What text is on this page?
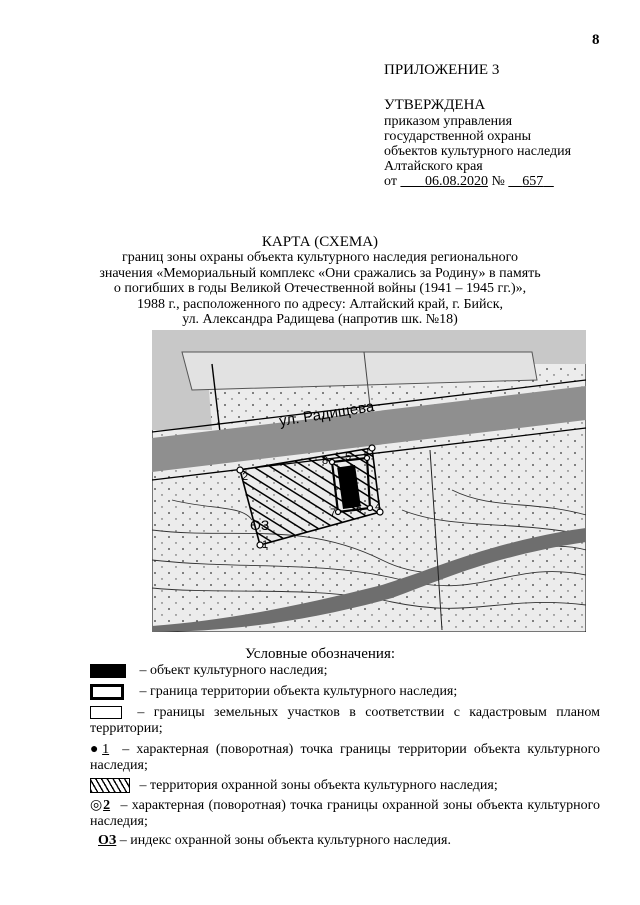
8
ПРИЛОЖЕНИЕ 3
УТВЕРЖДЕНА
приказом управления
государственной охраны
объектов культурного наследия
Алтайского края
от 06.08.2020 № 657
КАРТА (СХЕМА)
границ зоны охраны объекта культурного наследия регионального
значения «Мемориальный комплекс «Они сражались за Родину» в память
о погибших в годы Великой Отечественной войны (1941 – 1945 гг.)»,
1988 г., расположенного по адресу: Алтайский край, г. Бийск,
ул. Александра Радищева (напротив шк. №18)
ОЗ
ул. Радищева
1
2
3
4
5
6
7
8
Условные обозначения:
– объект культурного наследия;
– граница территории объекта культурного наследия;
– границы земельных участков в соответствии с кадастровым планом территории;
●1 – характерная (поворотная) точка границы территории объекта культурного наследия;
– территория охранной зоны объекта культурного наследия;
◎2 – характерная (поворотная) точка границы охранной зоны объекта культурного наследия;
ОЗ – индекс охранной зоны объекта культурного наследия.
